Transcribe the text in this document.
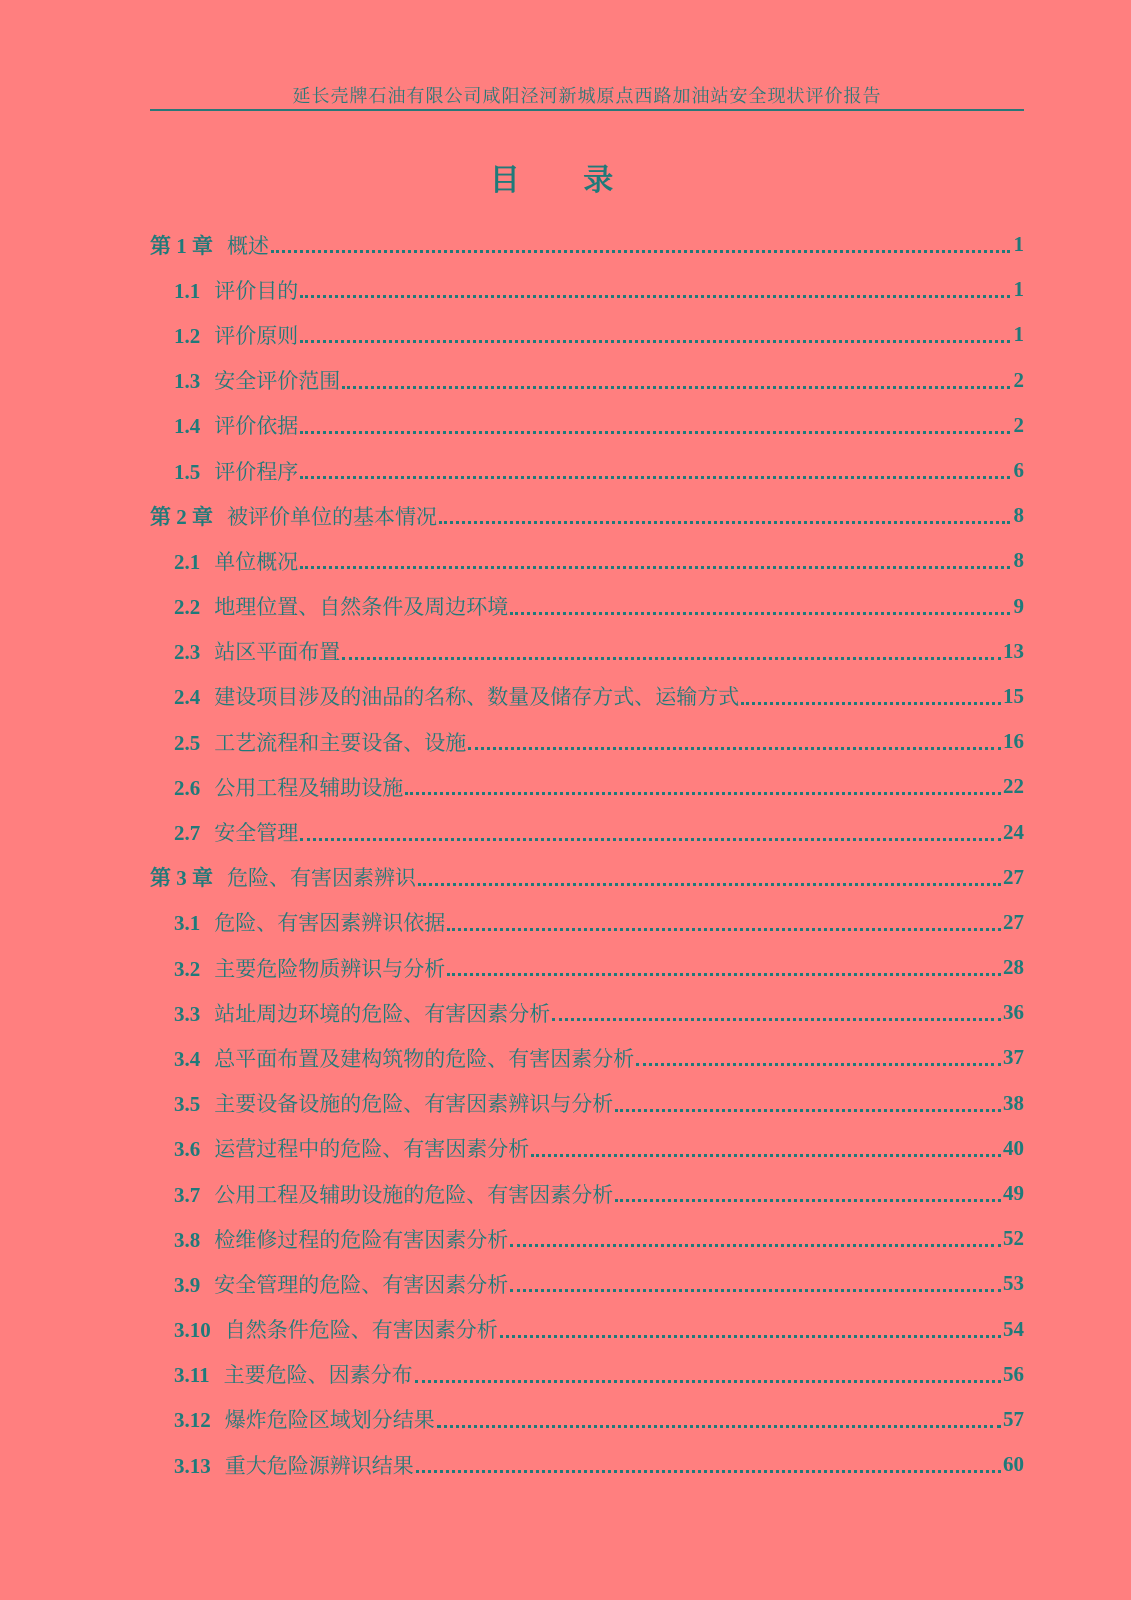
延长壳牌石油有限公司咸阳泾河新城原点西路加油站安全现状评价报告
目 录
第 1 章 概述	1
1.1 评价目的	1
1.2 评价原则	1
1.3 安全评价范围	2
1.4 评价依据	2
1.5 评价程序	6
第 2 章 被评价单位的基本情况	8
2.1 单位概况	8
2.2 地理位置、自然条件及周边环境	9
2.3 站区平面布置	13
2.4 建设项目涉及的油品的名称、数量及储存方式、运输方式	15
2.5 工艺流程和主要设备、设施	16
2.6 公用工程及辅助设施	22
2.7 安全管理	24
第 3 章 危险、有害因素辨识	27
3.1 危险、有害因素辨识依据	27
3.2 主要危险物质辨识与分析	28
3.3 站址周边环境的危险、有害因素分析	36
3.4 总平面布置及建构筑物的危险、有害因素分析	37
3.5 主要设备设施的危险、有害因素辨识与分析	38
3.6 运营过程中的危险、有害因素分析	40
3.7 公用工程及辅助设施的危险、有害因素分析	49
3.8 检维修过程的危险有害因素分析	52
3.9 安全管理的危险、有害因素分析	53
3.10 自然条件危险、有害因素分析	54
3.11 主要危险、因素分布	56
3.12 爆炸危险区域划分结果	57
3.13 重大危险源辨识结果	60
